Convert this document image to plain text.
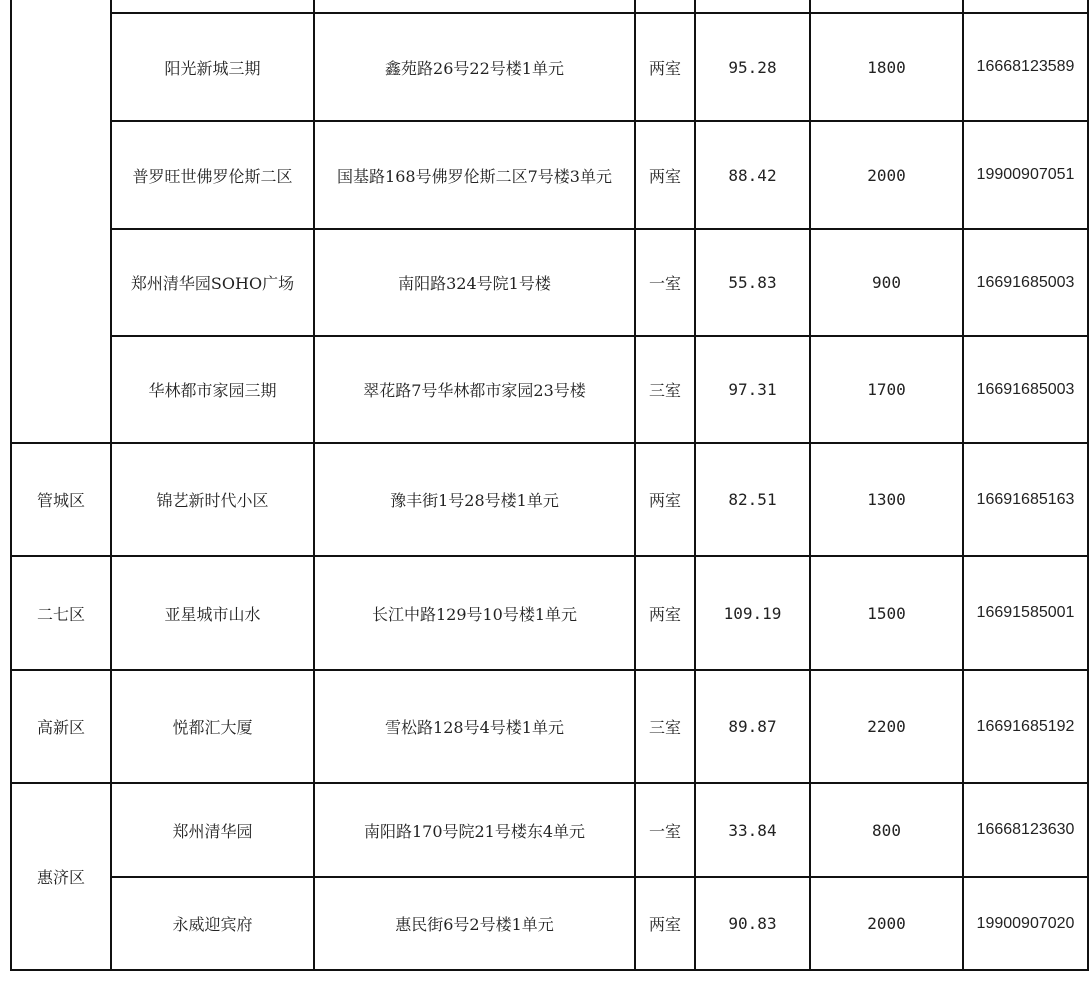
	阳光新城三期	鑫苑路26号22号楼1单元	两室	95.28	1800	16668123589
	普罗旺世佛罗伦斯二区	国基路168号佛罗伦斯二区7号楼3单元	两室	88.42	2000	19900907051
	郑州清华园SOHO广场	南阳路324号院1号楼	一室	55.83	900	16691685003
	华林都市家园三期	翠花路7号华林都市家园23号楼	三室	97.31	1700	16691685003
管城区	锦艺新时代小区	豫丰街1号28号楼1单元	两室	82.51	1300	16691685163
二七区	亚星城市山水	长江中路129号10号楼1单元	两室	109.19	1500	16691585001
高新区	悦都汇大厦	雪松路128号4号楼1单元	三室	89.87	2200	16691685192
惠济区	郑州清华园	南阳路170号院21号楼东4单元	一室	33.84	800	16668123630
	永威迎宾府	惠民街6号2号楼1单元	两室	90.83	2000	19900907020
